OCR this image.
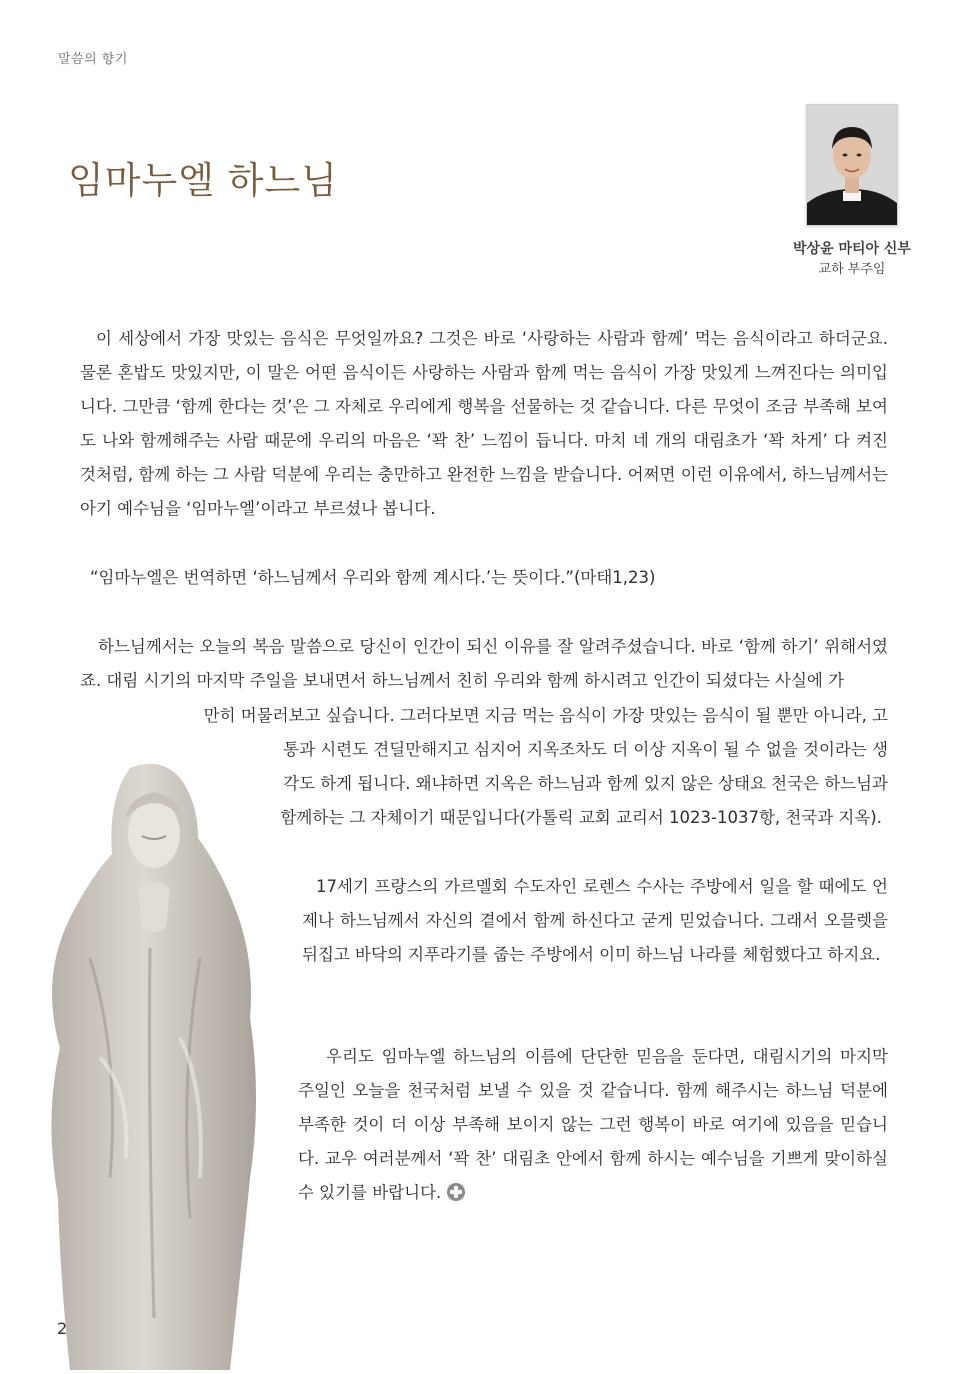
말씀의 향기
임마누엘 하느님
박상윤 마티아 신부
교하 부주임

이 세상에서 가장 맛있는 음식은 무엇일까요? 그것은 바로 ‘사랑하는 사람과 함께’ 먹는 음식이라고 하더군요. 물론 혼밥도 맛있지만, 이 말은 어떤 음식이든 사랑하는 사람과 함께 먹는 음식이 가장 맛있게 느껴진다는 의미입니다. 그만큼 ‘함께 한다는 것’은 그 자체로 우리에게 행복을 선물하는 것 같습니다. 다른 무엇이 조금 부족해 보여도 나와 함께해주는 사람 때문에 우리의 마음은 ‘꽉 찬’ 느낌이 듭니다. 마치 네 개의 대림초가 ‘꽉 차게’ 다 켜진 것처럼, 함께 하는 그 사람 덕분에 우리는 충만하고 완전한 느낌을 받습니다. 어쩌면 이런 이유에서, 하느님께서는 아기 예수님을 ‘임마누엘’이라고 부르셨나 봅니다.

“임마누엘은 번역하면 ‘하느님께서 우리와 함께 계시다.’는 뜻이다.”(마태1,23)

하느님께서는 오늘의 복음 말씀으로 당신이 인간이 되신 이유를 잘 알려주셨습니다. 바로 ‘함께 하기’ 위해서였죠. 대림 시기의 마지막 주일을 보내면서 하느님께서 친히 우리와 함께 하시려고 인간이 되셨다는 사실에 가

만히 머물러보고 싶습니다. 그러다보면 지금 먹는 음식이 가장 맛있는 음식이 될 뿐만 아니라, 고
통과 시련도 견딜만해지고 심지어 지옥조차도 더 이상 지옥이 될 수 없을 것이라는 생
각도 하게 됩니다. 왜냐하면 지옥은 하느님과 함께 있지 않은 상태요 천국은 하느님과
함께하는 그 자체이기 때문입니다(가톨릭 교회 교리서 1023-1037항, 천국과 지옥).

17세기 프랑스의 가르멜회 수도자인 로렌스 수사는 주방에서 일을 할 때에도 언제나 하느님께서 자신의 곁에서 함께 하신다고 굳게 믿었습니다. 그래서 오믈렛을 뒤집고 바닥의 지푸라기를 줍는 주방에서 이미 하느님 나라를 체험했다고 하지요.

우리도 임마누엘 하느님의 이름에 단단한 믿음을 둔다면, 대림시기의 마지막 주일인 오늘을 천국처럼 보낼 수 있을 것 같습니다. 함께 해주시는 하느님 덕분에 부족한 것이 더 이상 부족해 보이지 않는 그런 행복이 바로 여기에 있음을 믿습니다. 교우 여러분께서 ‘꽉 찬’ 대림초 안에서 함께 하시는 예수님을 기쁘게 맞이하실 수 있기를 바랍니다.

2
